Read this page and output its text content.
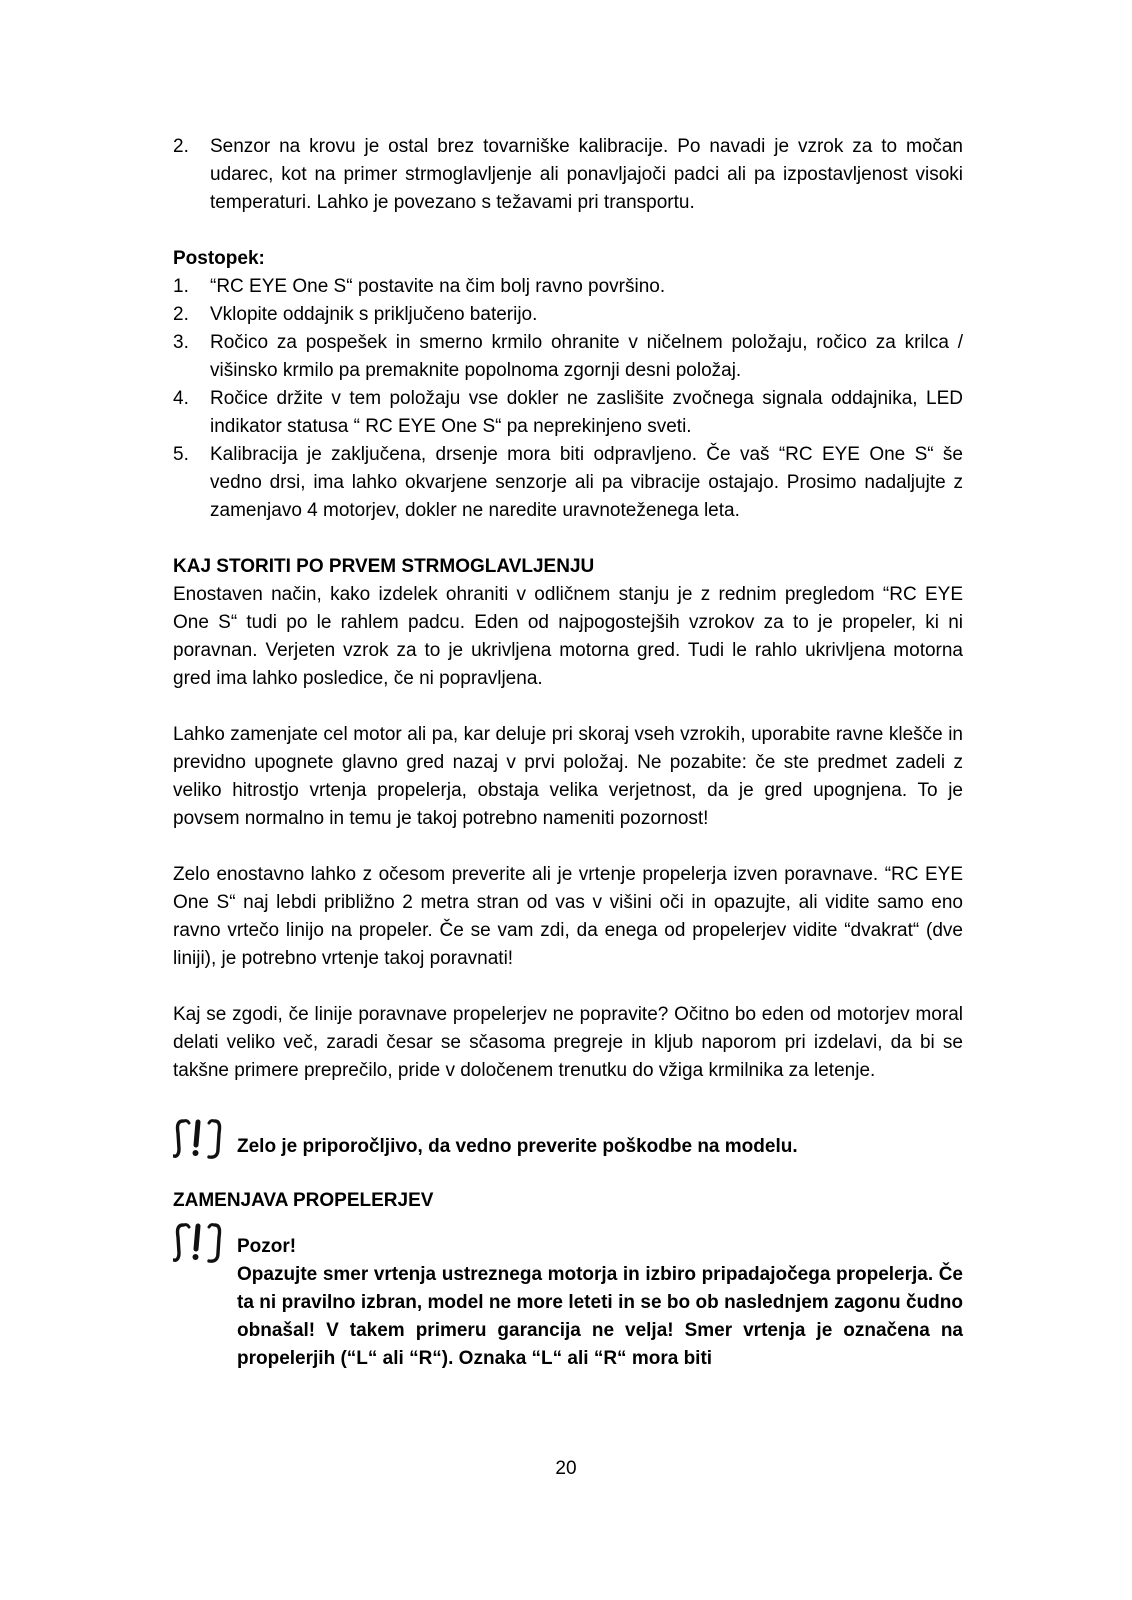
2.	Senzor na krovu je ostal brez tovarniške kalibracije. Po navadi je vzrok za to močan udarec, kot na primer strmoglavljenje ali ponavljajoči padci ali pa izpostavljenost visoki temperaturi. Lahko je povezano s težavami pri transportu.
Postopek:
1.	“RC EYE One S“ postavite na čim bolj ravno površino.
2.	Vklopite oddajnik s priključeno baterijo.
3.	Ročico za pospešek in smerno krmilo ohranite v ničelnem položaju, ročico za krilca / višinsko krmilo pa premaknite popolnoma zgornji desni položaj.
4.	Ročice držite v tem položaju vse dokler ne zaslišite zvočnega signala oddajnika, LED indikator statusa “ RC EYE One S“ pa neprekinjeno sveti.
5.	Kalibracija je zaključena, drsenje mora biti odpravljeno. Če vaš “RC EYE One S“ še vedno drsi, ima lahko okvarjene senzorje ali pa vibracije ostajajo. Prosimo nadaljujte z zamenjavo 4 motorjev, dokler ne naredite uravnoteženega leta.
KAJ STORITI PO PRVEM STRMOGLAVLJENJU

Enostaven način, kako izdelek ohraniti v odličnem stanju je z rednim pregledom “RC EYE One S“ tudi po le rahlem padcu. Eden od najpogostejših vzrokov za to je propeler, ki ni poravnan. Verjeten vzrok za to je ukrivljena motorna gred. Tudi le rahlo ukrivljena motorna gred ima lahko posledice, če ni popravljena.

Lahko zamenjate cel motor ali pa, kar deluje pri skoraj vseh vzrokih, uporabite ravne klešče in previdno upognete glavno gred nazaj v prvi položaj. Ne pozabite: če ste predmet zadeli z veliko hitrostjo vrtenja propelerja, obstaja velika verjetnost, da je gred upognjena. To je povsem normalno in temu je takoj potrebno nameniti pozornost!

Zelo enostavno lahko z očesom preverite ali je vrtenje propelerja izven poravnave. “RC EYE One S“ naj lebdi približno 2 metra stran od vas v višini oči in opazujte, ali vidite samo eno ravno vrtečo linijo na propeler. Če se vam zdi, da enega od propelerjev vidite “dvakrat“ (dve liniji), je potrebno vrtenje takoj poravnati!

Kaj se zgodi, če linije poravnave propelerjev ne popravite? Očitno bo eden od motorjev moral delati veliko več, zaradi česar se sčasoma pregreje in kljub naporom pri izdelavi, da bi se takšne primere preprečilo, pride v določenem trenutku do vžiga krmilnika za letenje.

Zelo je priporočljivo, da vedno preverite poškodbe na modelu.
ZAMENJAVA PROPELERJEV
Pozor!

Opazujte smer vrtenja ustreznega motorja in izbiro pripadajočega propelerja. Če ta ni pravilno izbran, model ne more leteti in se bo ob naslednjem zagonu čudno obnašal! V takem primeru garancija ne velja! Smer vrtenja je označena na propelerjih (“L“ ali “R“). Oznaka “L“ ali “R“ mora biti

20
